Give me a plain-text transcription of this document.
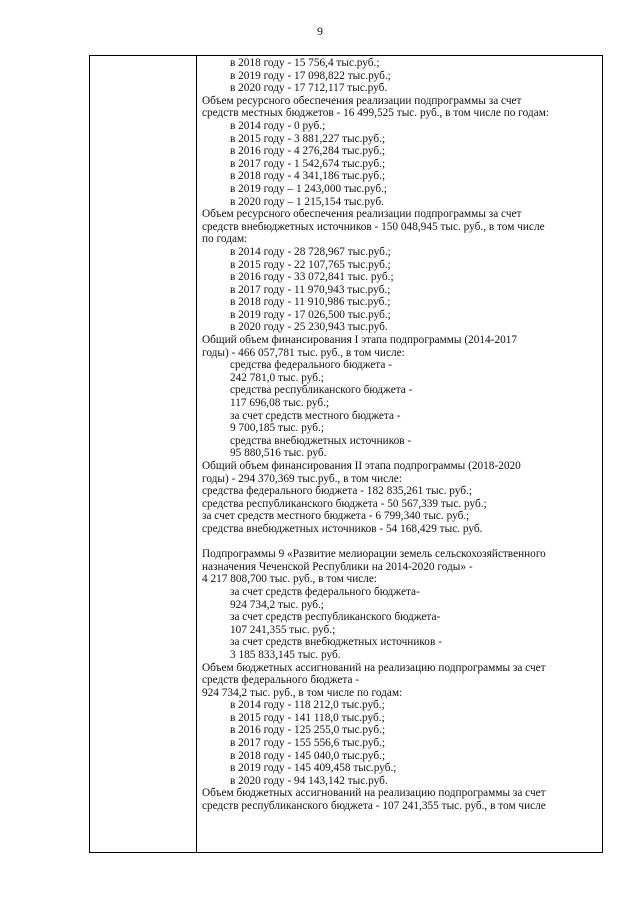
9
в 2018 году - 15 756,4 тыс.руб.;
в 2019 году - 17 098,822 тыс.руб.;
в 2020 году - 17 712,117 тыс.руб.
Объем ресурсного обеспечения реализации подпрограммы за счет
средств местных бюджетов - 16 499,525 тыс. руб., в том числе по годам:
в 2014 году - 0 руб.;
в 2015 году - 3 881,227 тыс.руб.;
в 2016 году - 4 276,284 тыс.руб.;
в 2017 году - 1 542,674 тыс.руб.;
в 2018 году - 4 341,186 тыс.руб.;
в 2019 году – 1 243,000 тыс.руб.;
в 2020 году – 1 215,154 тыс.руб.
Объем ресурсного обеспечения реализации подпрограммы за счет
средств внебюджетных источников - 150 048,945 тыс. руб., в том числе
по годам:
в 2014 году - 28 728,967 тыс.руб.;
в 2015 году - 22 107,765 тыс.руб.;
в 2016 году - 33 072,841 тыс. руб.;
в 2017 году - 11 970,943 тыс.руб.;
в 2018 году - 11 910,986 тыс.руб.;
в 2019 году - 17 026,500 тыс.руб.;
в 2020 году - 25 230,943 тыс.руб.
Общий объем финансирования I этапа подпрограммы (2014-2017
годы) - 466 057,781 тыс. руб., в том числе:
средства федерального бюджета -
242 781,0 тыс. руб.;
средства республиканского бюджета -
117 696,08 тыс. руб.;
за счет средств местного бюджета -
9 700,185 тыс. руб.;
средства внебюджетных источников -
95 880,516 тыс. руб.
Общий объем финансирования II этапа подпрограммы (2018-2020
годы) - 294 370,369 тыс.руб., в том числе:
средства федерального бюджета - 182 835,261 тыс. руб.;
средства республиканского бюджета - 50 567,339 тыс. руб.;
за счет средств местного бюджета - 6 799,340 тыс. руб.;
средства внебюджетных источников - 54 168,429 тыс. руб.
Подпрограммы 9 «Развитие мелиорации земель сельскохозяйственного
назначения Чеченской Республики на 2014-2020 годы» -
4 217 808,700 тыс. руб., в том числе:
за счет средств федерального бюджета-
924 734,2 тыс. руб.;
за счет средств республиканского бюджета-
107 241,355 тыс. руб.;
за счет средств внебюджетных источников -
3 185 833,145 тыс. руб.
Объем бюджетных ассигнований на реализацию подпрограммы за счет
средств федерального бюджета -
924 734,2 тыс. руб., в том числе по годам:
в 2014 году - 118 212,0 тыс.руб.;
в 2015 году - 141 118,0 тыс.руб.;
в 2016 году - 125 255,0 тыс.руб.;
в 2017 году - 155 556,6 тыс.руб.;
в 2018 году - 145 040,0 тыс.руб.;
в 2019 году - 145 409,458 тыс.руб.;
в 2020 году - 94 143,142 тыс.руб.
Объем бюджетных ассигнований на реализацию подпрограммы за счет
средств республиканского бюджета - 107 241,355 тыс. руб., в том числе
